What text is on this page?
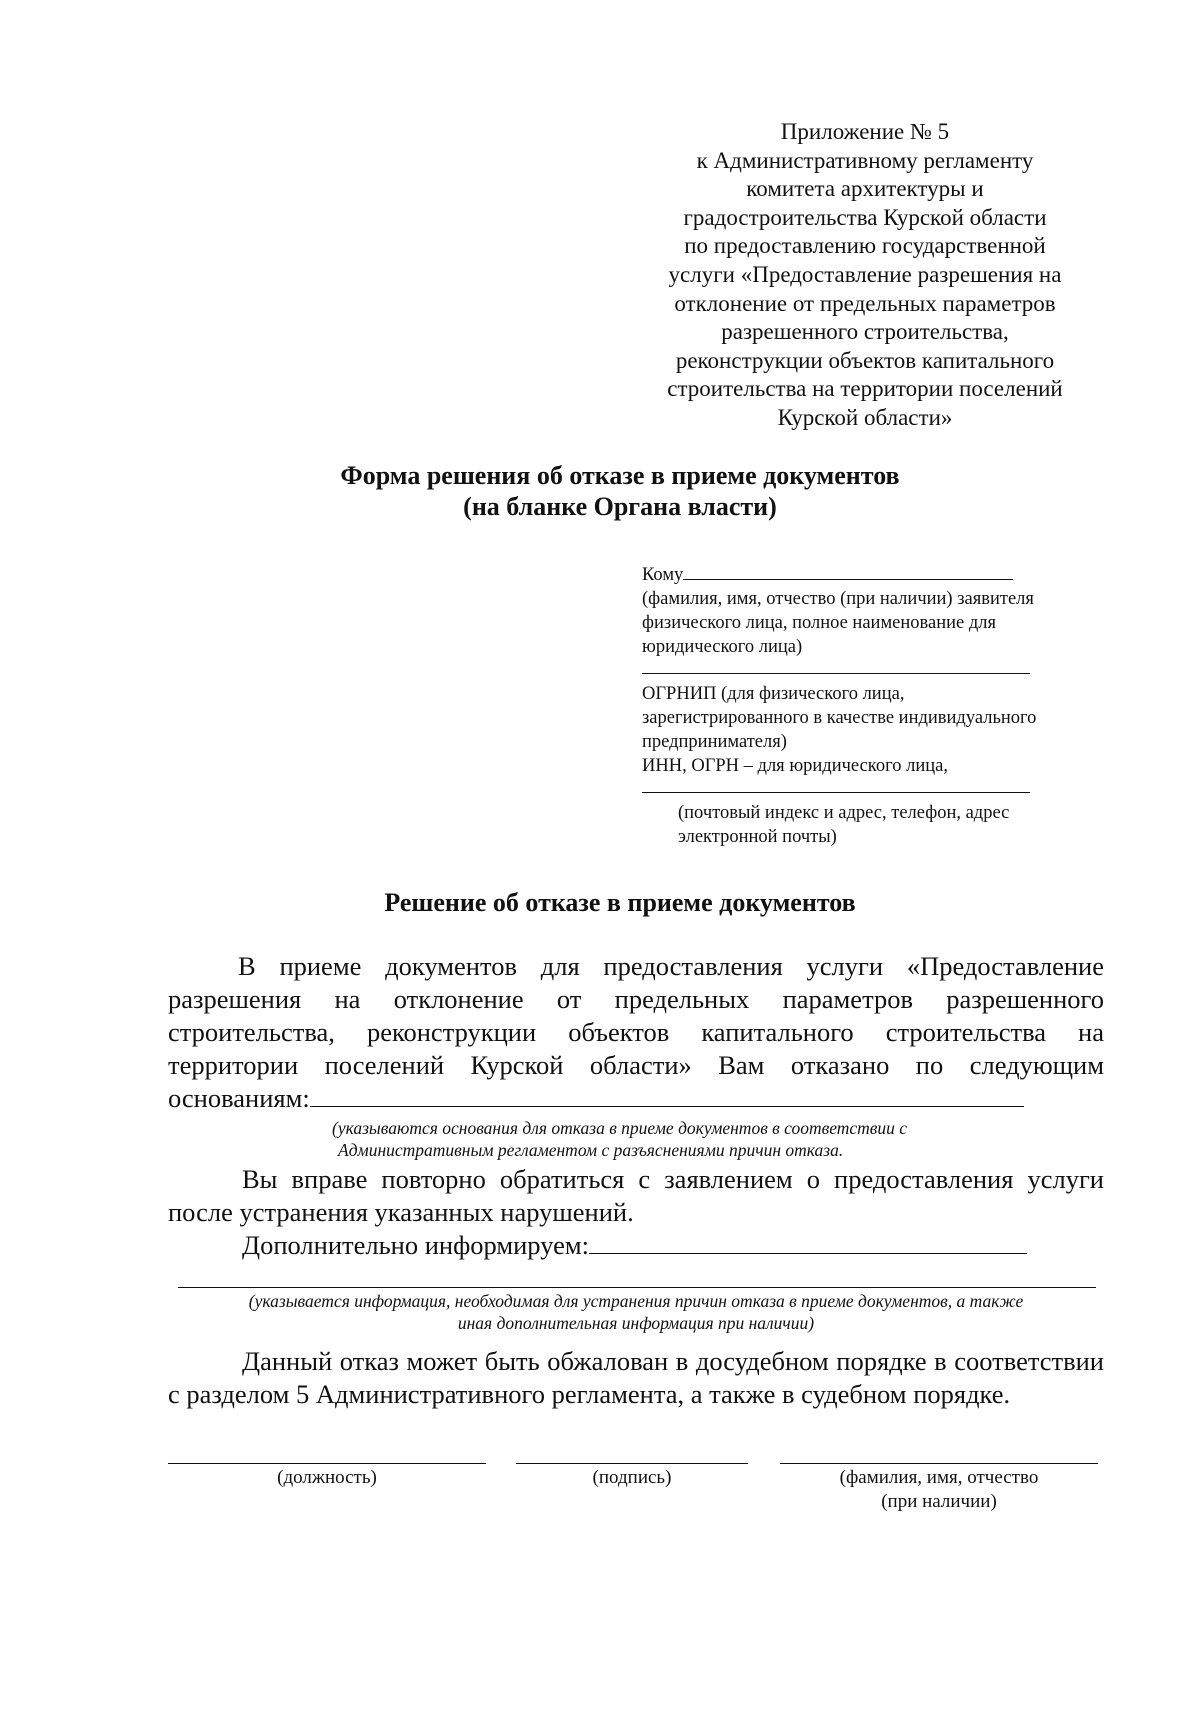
Приложение № 5
к Административному регламенту
комитета архитектуры и
градостроительства Курской области
по предоставлению государственной
услуги «Предоставление разрешения на
отклонение от предельных параметров
разрешенного строительства,
реконструкции объектов капитального
строительства на территории поселений
Курской области»
Форма решения об отказе в приеме документов
(на бланке Органа власти)
Кому
(фамилия, имя, отчество (при наличии) заявителя
физического лица, полное наименование для
юридического лица)
ОГРНИП (для физического лица,
зарегистрированного в качестве индивидуального
предпринимателя)
ИНН, ОГРН – для юридического лица,
(почтовый индекс и адрес, телефон, адрес
электронной почты)
Решение об отказе в приеме документов
В приеме документов для предоставления услуги «Предоставление разрешения на отклонение от предельных параметров разрешенного строительства, реконструкции объектов капитального строительства на территории поселений Курской области» Вам отказано по следующим основаниям:
(указываются основания для отказа в приеме документов в соответствии с
Административным регламентом с разъяснениями причин отказа.
Вы вправе повторно обратиться с заявлением о предоставления услуги после устранения указанных нарушений.
Дополнительно информируем:
(указывается информация, необходимая для устранения причин отказа в приеме документов, а также
иная дополнительная информация при наличии)
Данный отказ может быть обжалован в досудебном порядке в соответствии с разделом 5 Административного регламента, а также в судебном порядке.
(должность)	(подпись)	(фамилия, имя, отчество
(при наличии)
